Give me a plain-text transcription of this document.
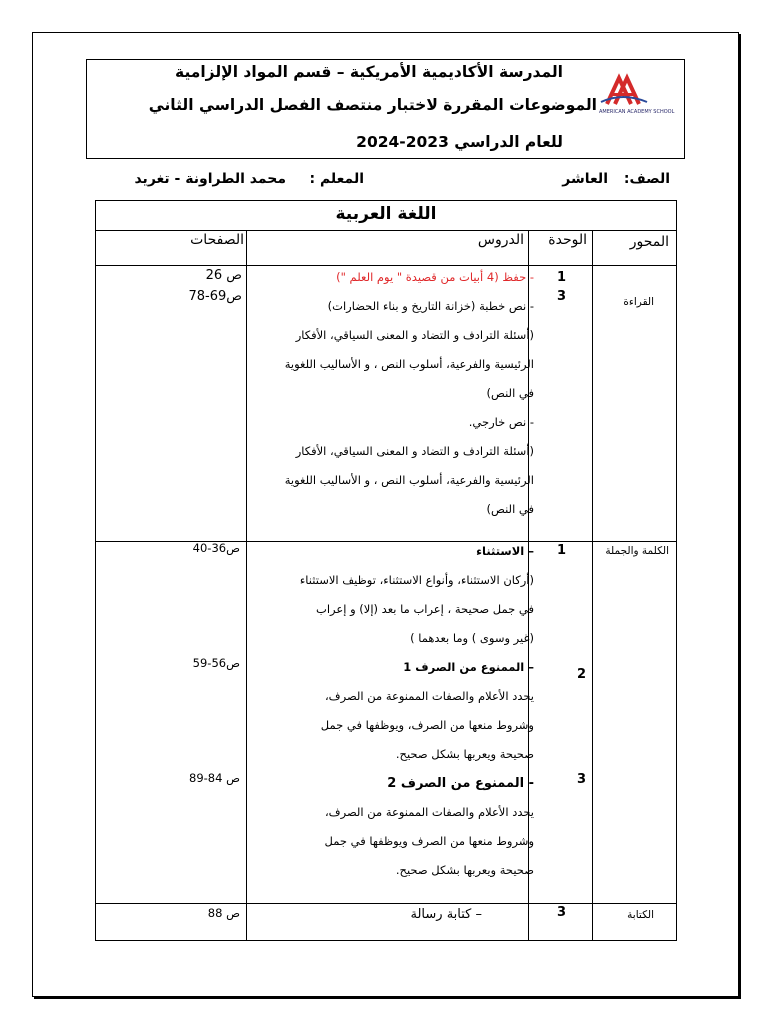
المدرسة الأكاديمية الأمريكية – قسم المواد الإلزامية
الموضوعات المقررة لاختبار منتصف الفصل الدراسي الثاني
للعام الدراسي 2023-2024
AMERICAN ACADEMY SCHOOL
الصف:
العاشر
المعلم :
محمد الطراونة - تغريد
اللغة العربية
المحور
الوحدة
الدروس
الصفحات
القراءة
1
3
ص 26
ص69-78
- حفظ (4 أبيات من قصيدة " يوم العلم ")
- نص خطبة (خزانة التاريخ و بناء الحضارات)
(أسئلة الترادف و التضاد و المعنى السياقي، الأفكار
الرئيسية والفرعية، أسلوب النص ، و الأساليب اللغوية
في النص)
- نص خارجي.
(أسئلة الترادف و التضاد و المعنى السياقي، الأفكار
الرئيسية والفرعية، أسلوب النص ، و الأساليب اللغوية
في النص)
الكلمة والجملة
1
2
3
ص36-40
ص56-59
ص 84-89
– الاستثناء
(أركان الاستثناء، وأنواع الاستثناء، توظيف الاستثناء
في جمل صحيحة ، إعراب ما بعد (إلا) و إعراب
(غير وسوى ) وما بعدهما )
– الممنوع من الصرف 1
يحدد الأعلام والصفات الممنوعة من الصرف،
وشروط منعها من الصرف، ويوظفها في جمل
صحيحة ويعربها بشكل صحيح.
- الممنوع من الصرف 2
يحدد الأعلام والصفات الممنوعة من الصرف،
وشروط منعها من الصرف ويوظفها في جمل
صحيحة ويعربها بشكل صحيح.
الكتابة
3
ص 88	– كتابة رسالة
